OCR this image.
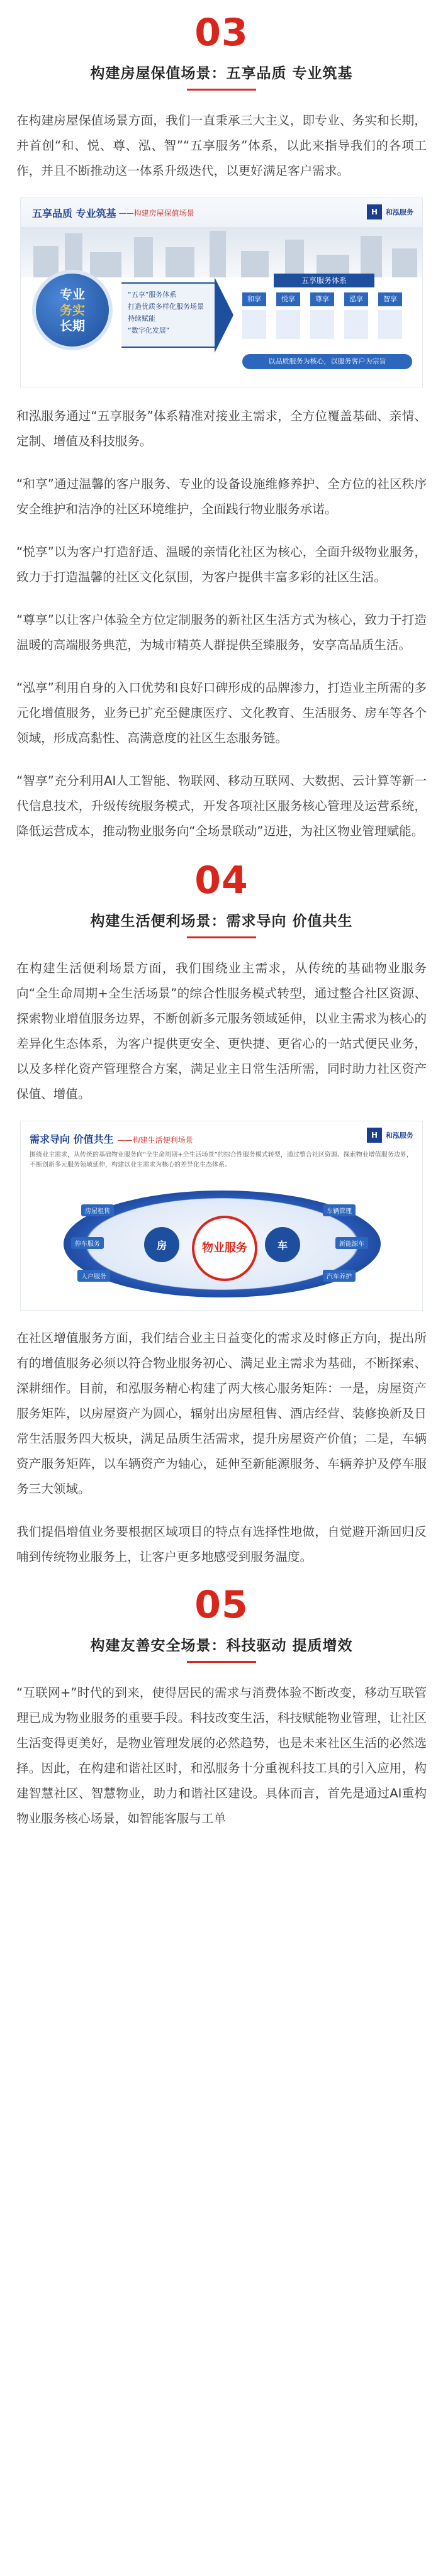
03
构建房屋保值场景：五享品质 专业筑基

在构建房屋保值场景方面，我们一直秉承三大主义，即专业、务实和长期，并首创“和、悦、尊、泓、智”“五享服务”体系，以此来指导我们的各项工作，并且不断推动这一体系升级迭代，以更好满足客户需求。

五享品质 专业筑基 ——构建房屋保值场景	H	和泓服务
专业
务实
长期
“五享”服务体系
打造优质多样化服务场景
持续赋能
“数字化发展”
五享服务体系
和享	悦享	尊享	泓享	智享
以品质服务为核心，以服务客户为宗旨

和泓服务通过“五享服务”体系精准对接业主需求，全方位覆盖基础、亲情、定制、增值及科技服务。

“和享”通过温馨的客户服务、专业的设备设施维修养护、全方位的社区秩序安全维护和洁净的社区环境维护，全面践行物业服务承诺。

“悦享”以为客户打造舒适、温暖的亲情化社区为核心，全面升级物业服务，致力于打造温馨的社区文化氛围，为客户提供丰富多彩的社区生活。

“尊享”以让客户体验全方位定制服务的新社区生活方式为核心，致力于打造温暖的高端服务典范，为城市精英人群提供至臻服务，安享高品质生活。

“泓享”利用自身的入口优势和良好口碑形成的品牌渗力，打造业主所需的多元化增值服务，业务已扩充至健康医疗、文化教育、生活服务、房车等各个领域，形成高黏性、高满意度的社区生态服务链。

“智享”充分利用AI人工智能、物联网、移动互联网、大数据、云计算等新一代信息技术，升级传统服务模式，开发各项社区服务核心管理及运营系统，降低运营成本，推动物业服务向“全场景联动”迈进，为社区物业管理赋能。

04
构建生活便利场景：需求导向 价值共生

在构建生活便利场景方面，我们围绕业主需求，从传统的基础物业服务向“全生命周期+全生活场景”的综合性服务模式转型，通过整合社区资源、探索物业增值服务边界，不断创新多元服务领域延伸，以业主需求为核心的差异化生态体系，为客户提供更安全、更快捷、更省心的一站式便民业务，以及多样化资产管理整合方案，满足业主日常生活所需，同时助力社区资产保值、增值。

需求导向 价值共生 ——构建生活便利场景
H	和泓服务
围绕业主需求，从传统的基础物业服务向“全生命周期+全生活场景”的综合性服务模式转型，通过整合社区资源、探索物业增值服务边界，不断创新多元服务领域延伸，构建以业主需求为核心的差异化生态体系。
房	车
物业服务
房屋租售
人户服务
车辆管理
新能源车
汽车养护
停车服务

在社区增值服务方面，我们结合业主日益变化的需求及时修正方向，提出所有的增值服务必须以符合物业服务初心、满足业主需求为基础，不断探索、深耕细作。目前，和泓服务精心构建了两大核心服务矩阵：一是，房屋资产服务矩阵，以房屋资产为圆心，辐射出房屋租售、酒店经营、装修换新及日常生活服务四大板块，满足品质生活需求，提升房屋资产价值；二是，车辆资产服务矩阵，以车辆资产为轴心，延伸至新能源服务、车辆养护及停车服务三大领域。

我们提倡增值业务要根据区域项目的特点有选择性地做，自觉避开渐回归反哺到传统物业服务上，让客户更多地感受到服务温度。

05
构建友善安全场景：科技驱动 提质增效

“互联网+”时代的到来，使得居民的需求与消费体验不断改变，移动互联管理已成为物业服务的重要手段。科技改变生活，科技赋能物业管理，让社区生活变得更美好，是物业管理发展的必然趋势，也是未来社区生活的必然选择。因此，在构建和谐社区时，和泓服务十分重视科技工具的引入应用，构建智慧社区、智慧物业，助力和谐社区建设。具体而言，首先是通过AI重构物业服务核心场景，如智能客服与工单
